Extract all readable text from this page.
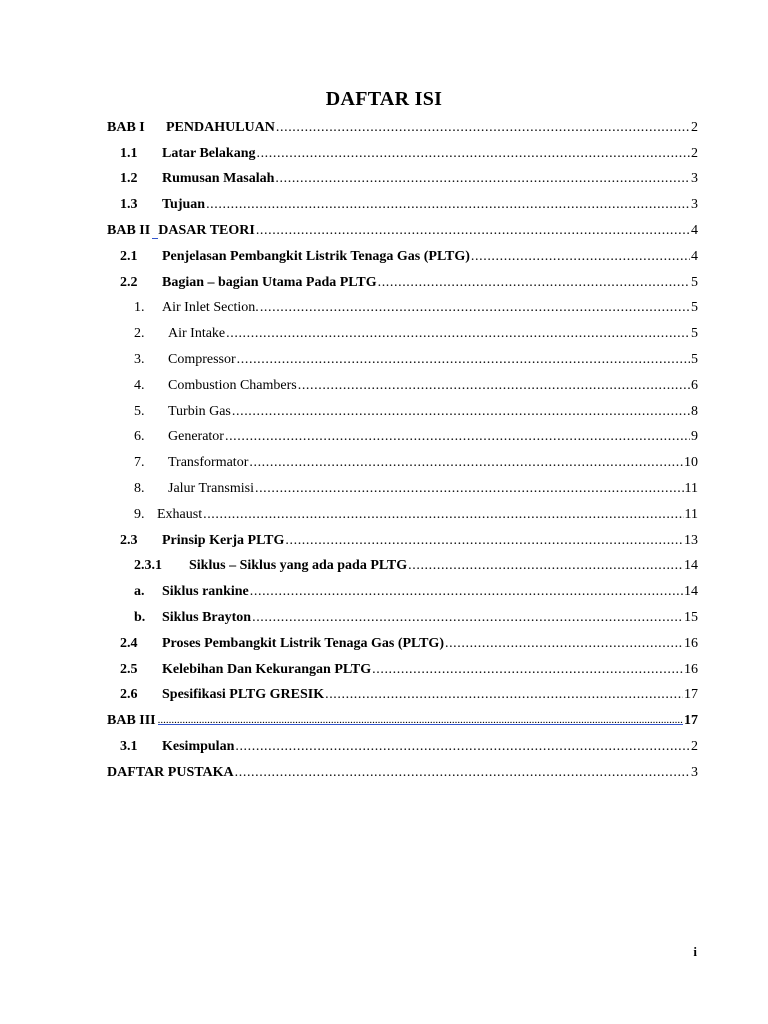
DAFTAR ISI
BAB I	PENDAHULUAN .....	2
1.1	Latar Belakang .....	2
1.2	Rumusan Masalah .....	3
1.3	Tujuan .....	3
BAB II DASAR TEORI .....	4
2.1	Penjelasan Pembangkit Listrik Tenaga Gas (PLTG) .....	4
2.2	Bagian – bagian Utama Pada PLTG .....	5
1.	Air Inlet Section. .....	5
2.	Air Intake .....	5
3.	Compressor .....	5
4.	Combustion Chambers .....	6
5.	Turbin Gas .....	8
6.	Generator .....	9
7.	Transformator .....	10
8.	Jalur Transmisi .....	11
9. Exhaust .....	11
2.3	Prinsip Kerja PLTG .....	13
2.3.1	Siklus – Siklus yang ada pada PLTG .....	14
a.	Siklus rankine .....	14
b.	Siklus Brayton .....	15
2.4	Proses Pembangkit Listrik Tenaga Gas (PLTG) .....	16
2.5	Kelebihan Dan Kekurangan PLTG .....	16
2.6	Spesifikasi PLTG GRESIK .....	17
BAB III .....	17
3.1	Kesimpulan .....	2
DAFTAR PUSTAKA .....	3
i
